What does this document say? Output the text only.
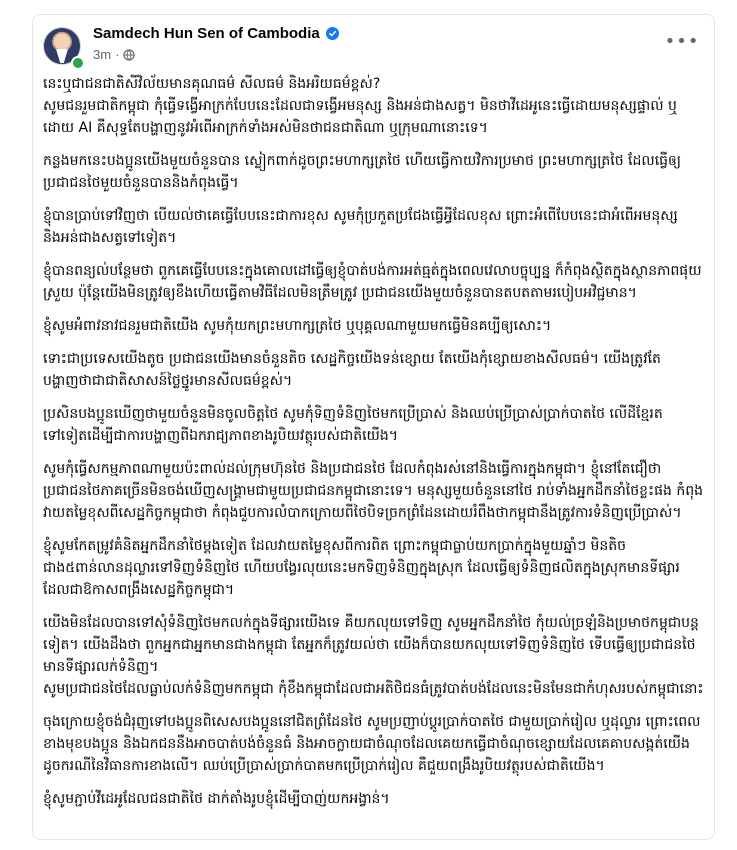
Samdech Hun Sen of Cambodia
3m ·
•••

នេះឬជាជនជាតិសីវិល័យមានគុណធម៌ សីលធម៌ និងអរិយធម៌ខ្ពស់?
សូមជនរួមជាតិកម្ពុជា កុំធ្វើទង្វើអាក្រក់បែបនេះដែលជាទង្វើអមនុស្ស និងអន់ជាងសត្វ។ មិនថាវីដេអូនេះធ្វើដោយមនុស្សផ្ទាល់ ឬដោយ AI គឺសុទ្ធតែបង្ហាញនូវអំពើអាក្រក់ទាំងអស់មិនថាជនជាតិណា ឬក្រុមណានោះទេ។

កន្លងមកនេះបងប្អូនយើងមួយចំនួនបាន ស្លៀកពាក់ដូចព្រះមហាក្សត្រថៃ ហើយធ្វើកាយវិការប្រមាថ ព្រះមហាក្សត្រថៃ ដែលធ្វើឲ្យប្រជាជនថៃមួយចំនួនបាននិងកំពុងធ្វើ។

ខ្ញុំបានប្រាប់ទៅវិញថា បើយល់ថាគេធ្វើបែបនេះជាការខុស សូមកុំប្រកួតប្រជែងធ្វើអ្វីដែលខុស ព្រោះអំពើបែបនេះជាអំពើអមនុស្ស និងអន់ជាងសត្វទៅទៀត។

ខ្ញុំបានពន្យល់បន្ថែមថា ពួកគេធ្វើបែបនេះក្នុងគោលដៅធ្វើឲ្យខ្ញុំបាត់បង់ការអត់ធ្មត់ក្នុងពេលវេលាបច្ចុប្បន្ន ក៏កំពុងស្ថិតក្នុងស្ថានភាពផុយស្រួយ ប៉ុន្តែយើងមិនត្រូវឲ្យខឹងហើយធ្វើតាមវិធីដែលមិនត្រឹមត្រូវ ប្រជាជនយើងមួយចំនួនបានតបតតាមរបៀបអវិជ្ជមាន។

ខ្ញុំសូមអំពាវនាវជនរួមជាតិយើង សូមកុំយកព្រះមហាក្សត្រថៃ ឬបុគ្គលណាមួយមកធ្វើមិនគប្បីឲ្យសោះ។

ទោះជាប្រទេសយើងតូច ប្រជាជនយើងមានចំនួនតិច សេដ្ឋកិច្ចយើងទន់ខ្សោយ តែយើងកុំខ្សោយខាងសីលធម៌។ យើងត្រូវតែបង្ហាញថាជាជាតិសាសន៍ថ្លៃថ្នូរមានសីលធម៌ខ្ពស់។

ប្រសិនបងប្អូនឃើញថាមួយចំនួនមិនចូលចិត្តថៃ សូមកុំទិញទំនិញថៃមកប្រើប្រាស់ និងឈប់ប្រើប្រាស់ប្រាក់បាតថៃ លើដីខ្មែរតទៅទៀតដើម្បីជាការបង្ហាញពីឯករាជ្យភាពខាងរូបិយវត្ថុរបស់ជាតិយើង។

សូមកុំធ្វើសកម្មភាពណាមួយប៉ះពាល់ដល់ក្រុមហ៊ុនថៃ និងប្រជាជនថៃ ដែលកំពុងរស់នៅនិងធ្វើការក្នុងកម្ពុជា។ ខ្ញុំនៅតែជឿថា ប្រជាជនថៃភាគច្រើនមិនចង់ឃើញសង្គ្រាមជាមួយប្រជាជនកម្ពុជានោះទេ។ មនុស្សមួយចំនួននៅថៃ រាប់ទាំងអ្នកដឹកនាំថៃខ្លះផង កំពុងវាយតម្លៃខុសពីសេដ្ឋកិច្ចកម្ពុជាថា កំពុងជួបការលំបាកក្រោយពីថៃបិទច្រកព្រំដែនដោយរំពឹងថាកម្ពុជានឹងត្រូវការទំនិញប្រើប្រាស់។

ខ្ញុំសូមកែតម្រូវគំនិតអ្នកដឹកនាំថៃម្តងទៀត ដែលវាយតម្លៃខុសពីការពិត ព្រោះកម្ពុជាធ្លាប់យកប្រាក់ក្នុងមួយឆ្នាំៗ មិនតិចជាង៥ពាន់លានដុល្លារទៅទិញទំនិញថៃ ហើយបង្វែរលុយនេះមកទិញទំនិញក្នុងស្រុក ដែលធ្វើឲ្យទំនិញផលិតក្នុងស្រុកមានទីផ្សារដែលជាឱកាសពង្រឹងសេដ្ឋកិច្ចកម្ពុជា។

យើងមិនដែលបានទៅសុំទំនិញថៃមកលក់ក្នុងទីផ្សារយើងទេ គឺយកលុយទៅទិញ សូមអ្នកដឹកនាំថៃ កុំយល់ច្រឡំនិងប្រមាថកម្ពុជាបន្តទៀត។ យើងដឹងថា ពួកអ្នកជាអ្នកមានជាងកម្ពុជា តែអ្នកក៏ត្រូវយល់ថា យើងក៏បានយកលុយទៅទិញទំនិញថៃ ទើបធ្វើឲ្យប្រជាជនថៃមានទីផ្សារលក់ទំនិញ។
សូមប្រជាជនថៃដែលធ្លាប់លក់ទំនិញមកកម្ពុជា កុំខឹងកម្ពុជាដែលជាអតិថិជនធំត្រូវបាត់បង់ដែលនេះមិនមែនជាកំហុសរបស់កម្ពុជានោះ

ចុងក្រោយខ្ញុំចង់ជំរុញទៅបងប្អូនពិសេសបងប្អូននៅជិតព្រំដែនថៃ សូមប្រញាប់ប្តូរប្រាក់បាតថៃ ជាមួយប្រាក់រៀល ឬដុល្លារ ព្រោះពេលខាងមុខបងប្អូន និងឯកជននឹងអាចបាត់បង់ចំនួនធំ និងអាចក្លាយជាចំណុចដែលគេយកធ្វើជាចំណុចខ្សោយដែលគេគាបសង្កត់យើង ដូចករណីនៃវិធានការខាងលើ។ ឈប់ប្រើប្រាស់ប្រាក់បាតមកប្រើប្រាក់រៀល គឺជួយពង្រឹងរូបិយវត្ថុរបស់ជាតិយើង។

ខ្ញុំសូមភ្ជាប់វីដេអូដែលជនជាតិថៃ ដាក់តាំងរូបខ្ញុំដើម្បីបាញ់យកអង្វាន់។
